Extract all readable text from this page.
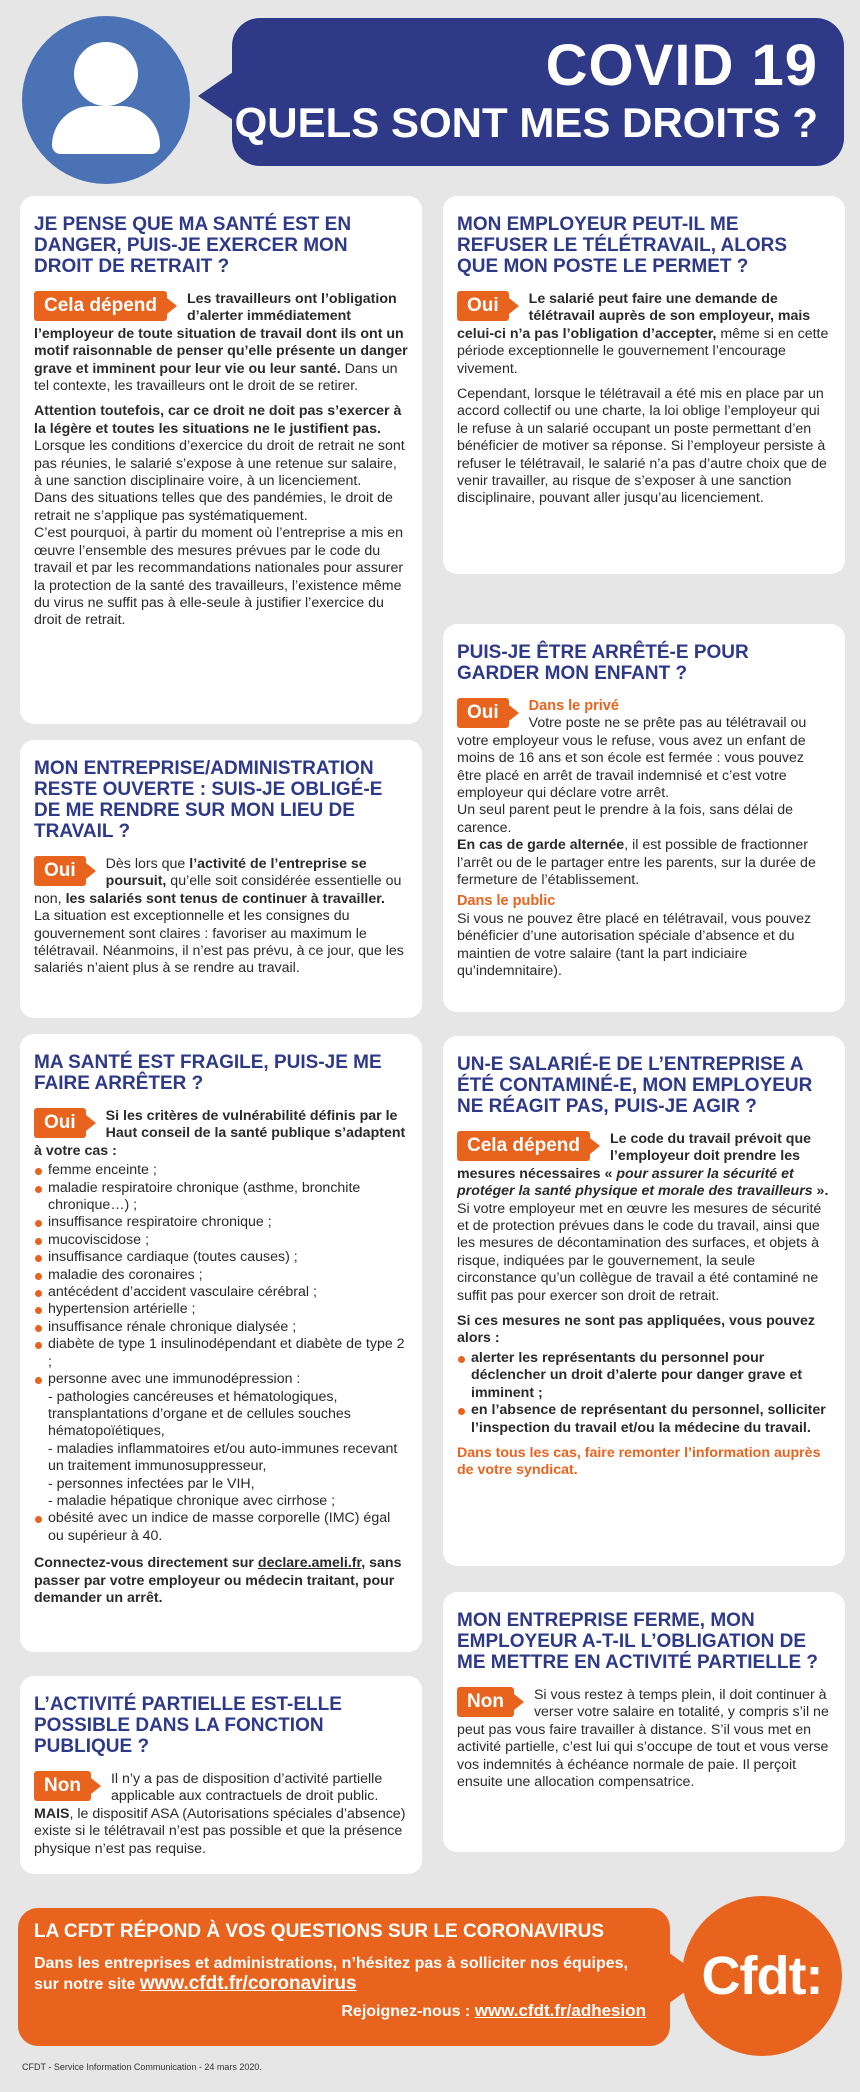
COVID 19
QUELS SONT MES DROITS ?
JE PENSE QUE MA SANTÉ EST EN DANGER, PUIS-JE EXERCER MON DROIT DE RETRAIT ?

Cela dépend	Les travailleurs ont l’obligation d’alerter immédiatement l’employeur de toute situation de travail dont ils ont un motif raisonnable de penser qu’elle présente un danger grave et imminent pour leur vie ou leur santé. Dans un tel contexte, les travailleurs ont le droit de se retirer.

Attention toutefois, car ce droit ne doit pas s’exercer à la légère et toutes les situations ne le justifient pas. Lorsque les conditions d’exercice du droit de retrait ne sont pas réunies, le salarié s’expose à une retenue sur salaire, à une sanction disciplinaire voire, à un licenciement.
Dans des situations telles que des pandémies, le droit de retrait ne s’applique pas systématiquement.
C’est pourquoi, à partir du moment où l’entreprise a mis en œuvre l’ensemble des mesures prévues par le code du travail et par les recommandations nationales pour assurer la protection de la santé des travailleurs, l’existence même du virus ne suffit pas à elle-seule à justifier l’exercice du droit de retrait.

MON ENTREPRISE/ADMINISTRATION RESTE OUVERTE : SUIS-JE OBLIGÉ-E DE ME RENDRE SUR MON LIEU DE TRAVAIL ?

Oui	Dès lors que l’activité de l’entreprise se poursuit, qu’elle soit considérée essentielle ou non, les salariés sont tenus de continuer à travailler.
La situation est exceptionnelle et les consignes du gouvernement sont claires : favoriser au maximum le télétravail. Néanmoins, il n’est pas prévu, à ce jour, que les salariés n’aient plus à se rendre au travail.

MA SANTÉ EST FRAGILE, PUIS-JE ME FAIRE ARRÊTER ?

Oui	Si les critères de vulnérabilité définis par le Haut conseil de la santé publique s’adaptent à votre cas :

femme enceinte ;
maladie respiratoire chronique (asthme, bronchite chronique…) ;
insuffisance respiratoire chronique ;
mucoviscidose ;
insuffisance cardiaque (toutes causes) ;
maladie des coronaires ;
antécédent d’accident vasculaire cérébral ;
hypertension artérielle ;
insuffisance rénale chronique dialysée ;
diabète de type 1 insulinodépendant et diabète de type 2 ;
personne avec une immunodépression :
- pathologies cancéreuses et hématologiques, transplantations d’organe et de cellules souches hématopoïétiques,
- maladies inflammatoires et/ou auto-immunes recevant un traitement immunosuppresseur,
- personnes infectées par le VIH,
- maladie hépatique chronique avec cirrhose ;
obésité avec un indice de masse corporelle (IMC) égal ou supérieur à 40.

Connectez-vous directement sur declare.ameli.fr, sans passer par votre employeur ou médecin traitant, pour demander un arrêt.

L’ACTIVITÉ PARTIELLE EST-ELLE POSSIBLE DANS LA FONCTION PUBLIQUE ?

Non	Il n’y a pas de disposition d’activité partielle applicable aux contractuels de droit public. MAIS, le dispositif ASA (Autorisations spéciales d’absence) existe si le télétravail n’est pas possible et que la présence physique n’est pas requise.

MON EMPLOYEUR PEUT-IL ME REFUSER LE TÉLÉTRAVAIL, ALORS QUE MON POSTE LE PERMET ?

Oui	Le salarié peut faire une demande de télétravail auprès de son employeur, mais celui-ci n’a pas l’obligation d’accepter, même si en cette période exceptionnelle le gouvernement l’encourage vivement.

Cependant, lorsque le télétravail a été mis en place par un accord collectif ou une charte, la loi oblige l’employeur qui le refuse à un salarié occupant un poste permettant d’en bénéficier de motiver sa réponse. Si l’employeur persiste à refuser le télétravail, le salarié n’a pas d’autre choix que de venir travailler, au risque de s’exposer à une sanction disciplinaire, pouvant aller jusqu’au licenciement.

PUIS-JE ÊTRE ARRÊTÉ-E POUR GARDER MON ENFANT ?

Oui	Dans le privé
Votre poste ne se prête pas au télétravail ou votre employeur vous le refuse, vous avez un enfant de moins de 16 ans et son école est fermée : vous pouvez être placé en arrêt de travail indemnisé et c’est votre employeur qui déclare votre arrêt.
Un seul parent peut le prendre à la fois, sans délai de carence.
En cas de garde alternée, il est possible de fractionner l’arrêt ou de le partager entre les parents, sur la durée de fermeture de l’établissement.

Dans le public
Si vous ne pouvez être placé en télétravail, vous pouvez bénéficier d’une autorisation spéciale d’absence et du maintien de votre salaire (tant la part indiciaire qu’indemnitaire).

UN-E SALARIÉ-E DE L’ENTREPRISE A ÉTÉ CONTAMINÉ-E, MON EMPLOYEUR NE RÉAGIT PAS, PUIS-JE AGIR ?

Cela dépend	Le code du travail prévoit que l’employeur doit prendre les mesures nécessaires « pour assurer la sécurité et protéger la santé physique et morale des travailleurs ». Si votre employeur met en œuvre les mesures de sécurité et de protection prévues dans le code du travail, ainsi que les mesures de décontamination des surfaces, et objets à risque, indiquées par le gouvernement, la seule circonstance qu’un collègue de travail a été contaminé ne suffit pas pour exercer son droit de retrait.

Si ces mesures ne sont pas appliquées, vous pouvez alors :

alerter les représentants du personnel pour déclencher un droit d’alerte pour danger grave et imminent ;
en l’absence de représentant du personnel, solliciter l’inspection du travail et/ou la médecine du travail.

Dans tous les cas, faire remonter l’information auprès de votre syndicat.

MON ENTREPRISE FERME, MON EMPLOYEUR A-T-IL L’OBLIGATION DE ME METTRE EN ACTIVITÉ PARTIELLE ?

Non	Si vous restez à temps plein, il doit continuer à verser votre salaire en totalité, y compris s’il ne peut pas vous faire travailler à distance. S’il vous met en activité partielle, c’est lui qui s’occupe de tout et vous verse vos indemnités à échéance normale de paie. Il perçoit ensuite une allocation compensatrice.

LA CFDT RÉPOND À VOS QUESTIONS SUR LE CORONAVIRUS
Dans les entreprises et administrations, n’hésitez pas à solliciter nos équipes, sur notre site www.cfdt.fr/coronavirus
Rejoignez-nous : www.cfdt.fr/adhesion
Cfdt:
CFDT - Service Information Communication - 24 mars 2020.
